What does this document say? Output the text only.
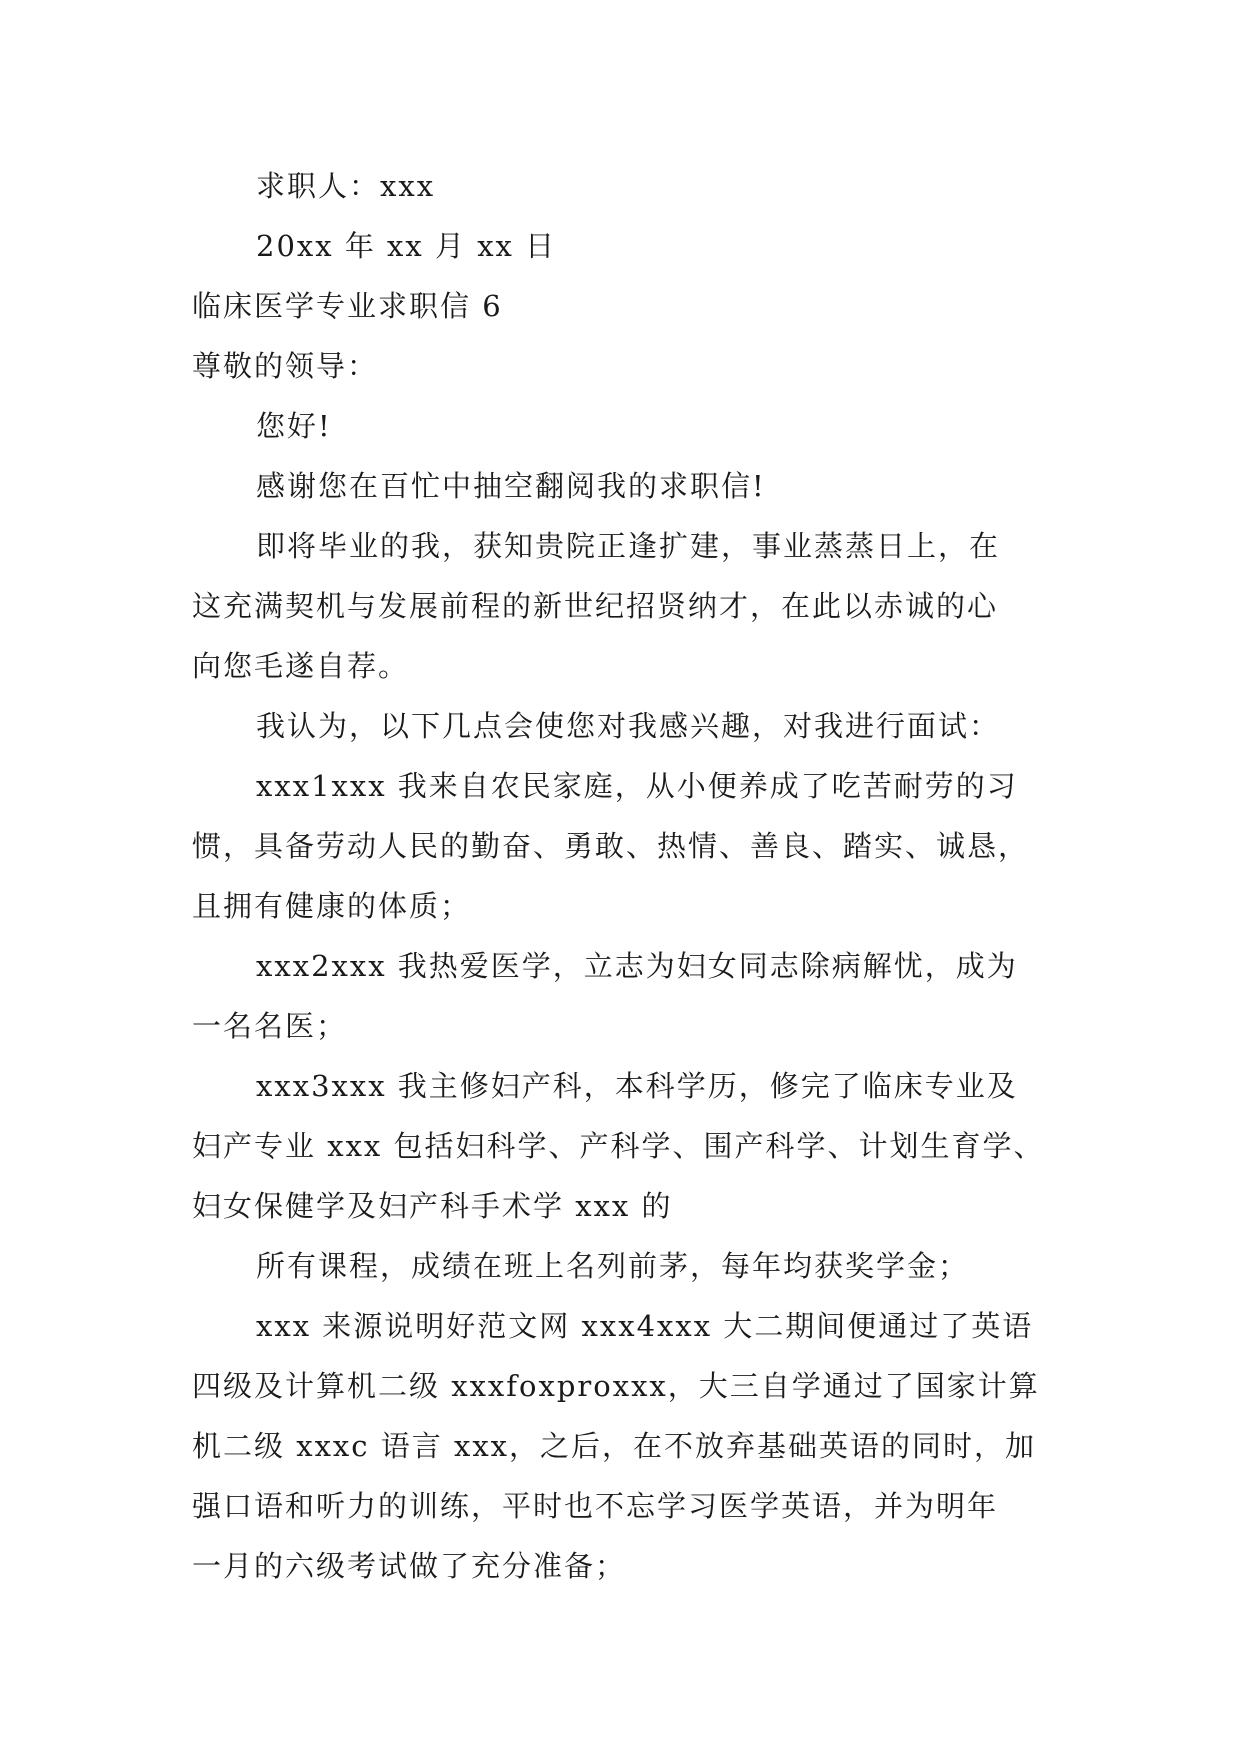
求职人：xxx
20xx 年 xx 月 xx 日
临床医学专业求职信 6
尊敬的领导：
您好!
感谢您在百忙中抽空翻阅我的求职信!
即将毕业的我，获知贵院正逢扩建，事业蒸蒸日上，在
这充满契机与发展前程的新世纪招贤纳才，在此以赤诚的心
向您毛遂自荐。
我认为，以下几点会使您对我感兴趣，对我进行面试：
xxx1xxx 我来自农民家庭，从小便养成了吃苦耐劳的习
惯，具备劳动人民的勤奋、勇敢、热情、善良、踏实、诚恳，
且拥有健康的体质；
xxx2xxx 我热爱医学，立志为妇女同志除病解忧，成为
一名名医；
xxx3xxx 我主修妇产科，本科学历，修完了临床专业及
妇产专业 xxx 包括妇科学、产科学、围产科学、计划生育学、
妇女保健学及妇产科手术学 xxx 的
所有课程，成绩在班上名列前茅，每年均获奖学金；
xxx 来源说明好范文网 xxx4xxx 大二期间便通过了英语
四级及计算机二级 xxxfoxproxxx，大三自学通过了国家计算
机二级 xxxc 语言 xxx，之后，在不放弃基础英语的同时，加
强口语和听力的训练，平时也不忘学习医学英语，并为明年
一月的六级考试做了充分准备；
